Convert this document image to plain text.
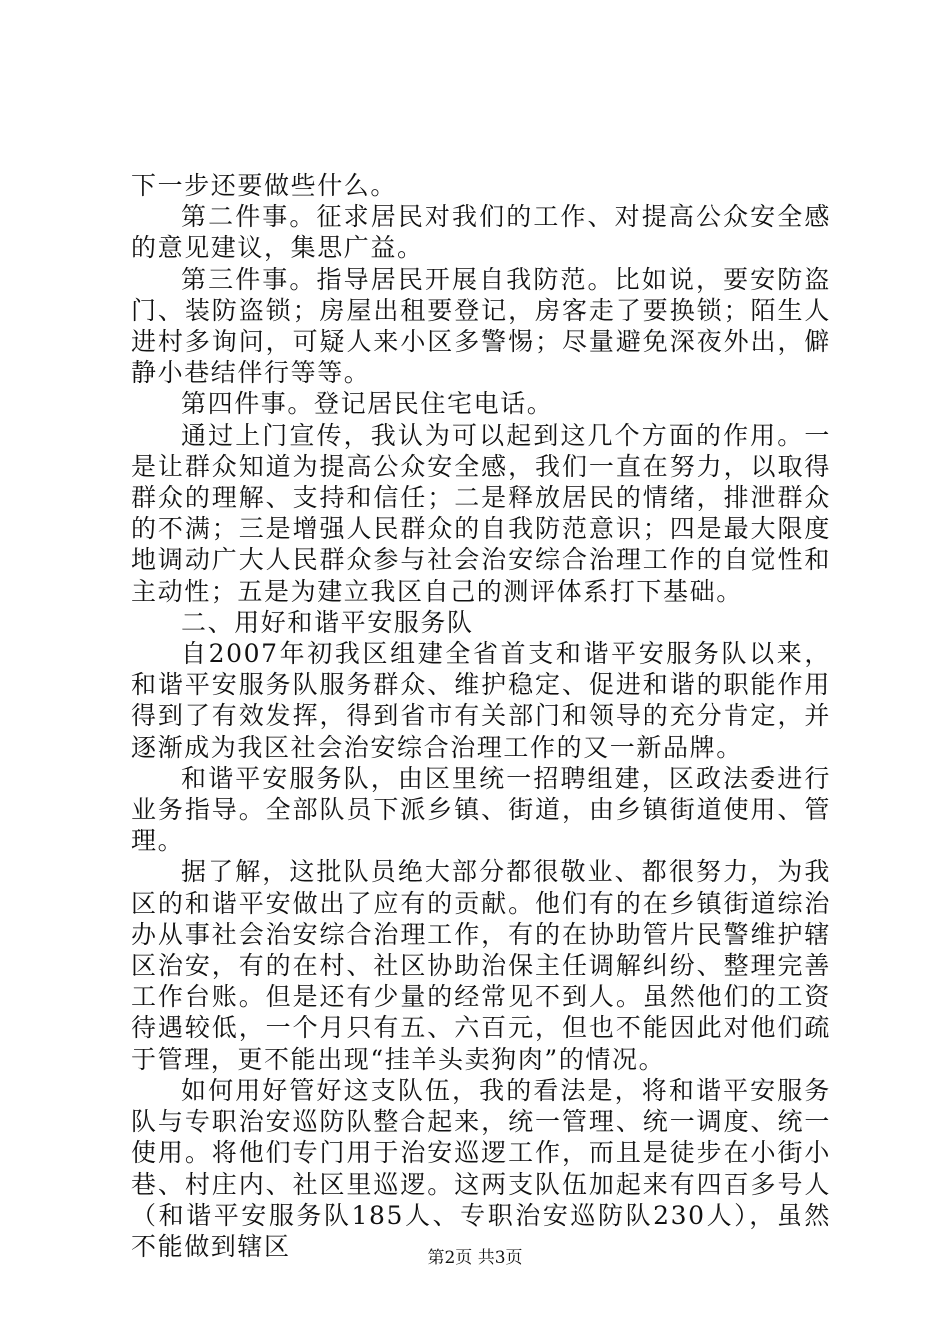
下一步还要做些什么。

第二件事。征求居民对我们的工作、对提高公众安全感的意见建议，集思广益。

第三件事。指导居民开展自我防范。比如说，要安防盗门、装防盗锁；房屋出租要登记，房客走了要换锁；陌生人进村多询问，可疑人来小区多警惕；尽量避免深夜外出，僻静小巷结伴行等等。

第四件事。登记居民住宅电话。

通过上门宣传，我认为可以起到这几个方面的作用。一是让群众知道为提高公众安全感，我们一直在努力，以取得群众的理解、支持和信任；二是释放居民的情绪，排泄群众的不满；三是增强人民群众的自我防范意识；四是最大限度地调动广大人民群众参与社会治安综合治理工作的自觉性和主动性；五是为建立我区自己的测评体系打下基础。

二、用好和谐平安服务队

自2007年初我区组建全省首支和谐平安服务队以来，和谐平安服务队服务群众、维护稳定、促进和谐的职能作用得到了有效发挥，得到省市有关部门和领导的充分肯定，并逐渐成为我区社会治安综合治理工作的又一新品牌。

和谐平安服务队，由区里统一招聘组建，区政法委进行业务指导。全部队员下派乡镇、街道，由乡镇街道使用、管理。

据了解，这批队员绝大部分都很敬业、都很努力，为我区的和谐平安做出了应有的贡献。他们有的在乡镇街道综治办从事社会治安综合治理工作，有的在协助管片民警维护辖区治安，有的在村、社区协助治保主任调解纠纷、整理完善工作台账。但是还有少量的经常见不到人。虽然他们的工资待遇较低，一个月只有五、六百元，但也不能因此对他们疏于管理，更不能出现“挂羊头卖狗肉”的情况。

如何用好管好这支队伍，我的看法是，将和谐平安服务队与专职治安巡防队整合起来，统一管理、统一调度、统一使用。将他们专门用于治安巡逻工作，而且是徒步在小街小巷、村庄内、社区里巡逻。这两支队伍加起来有四百多号人（和谐平安服务队185人、专职治安巡防队230人），虽然不能做到辖区	第2页 共3页
